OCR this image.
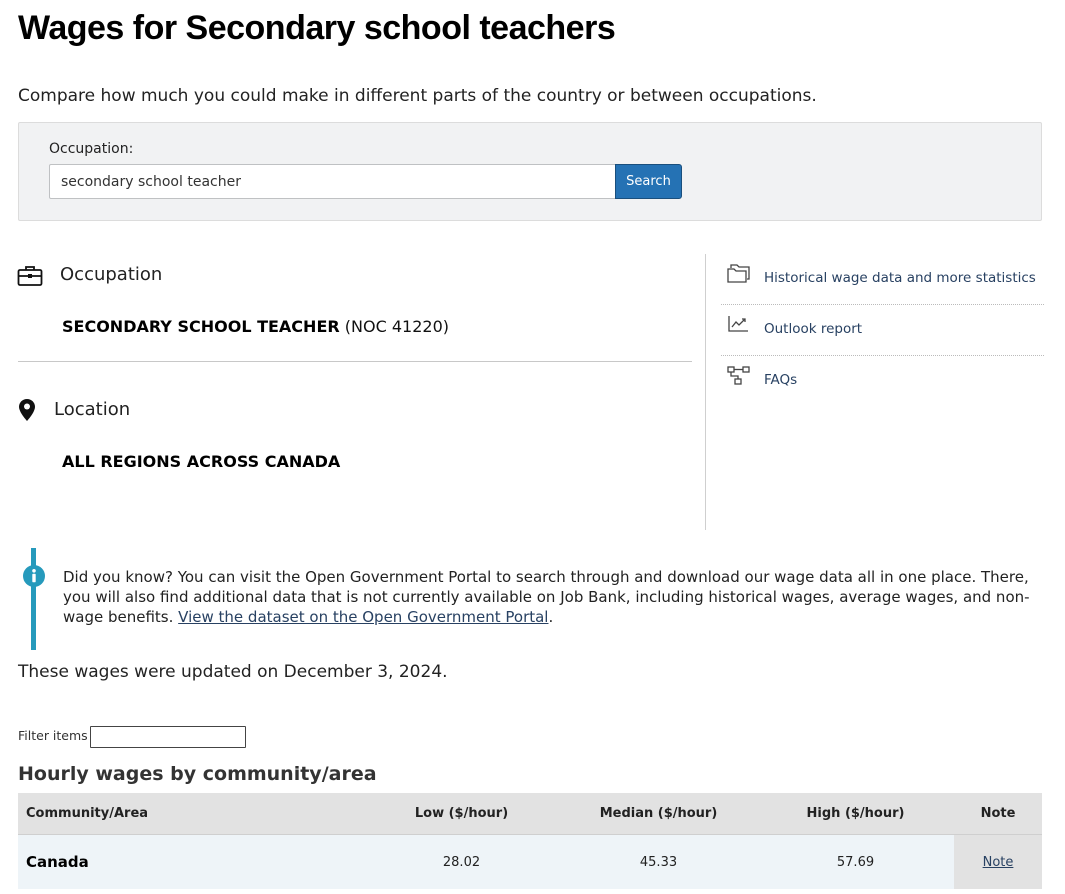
Wages for Secondary school teachers
Compare how much you could make in different parts of the country or between occupations.
Occupation:
secondary school teacher
Search
Occupation
SECONDARY SCHOOL TEACHER (NOC 41220)
Location
ALL REGIONS ACROSS CANADA
Historical wage data and more statistics
Outlook report
FAQs
Did you know? You can visit the Open Government Portal to search through and download our wage data all in one place. There, you will also find additional data that is not currently available on Job Bank, including historical wages, average wages, and non-wage benefits. View the dataset on the Open Government Portal.
These wages were updated on December 3, 2024.
Filter items
Hourly wages by community/area
Community/Area	Low ($/hour)	Median ($/hour)	High ($/hour)	Note
Canada	28.02	45.33	57.69	Note
